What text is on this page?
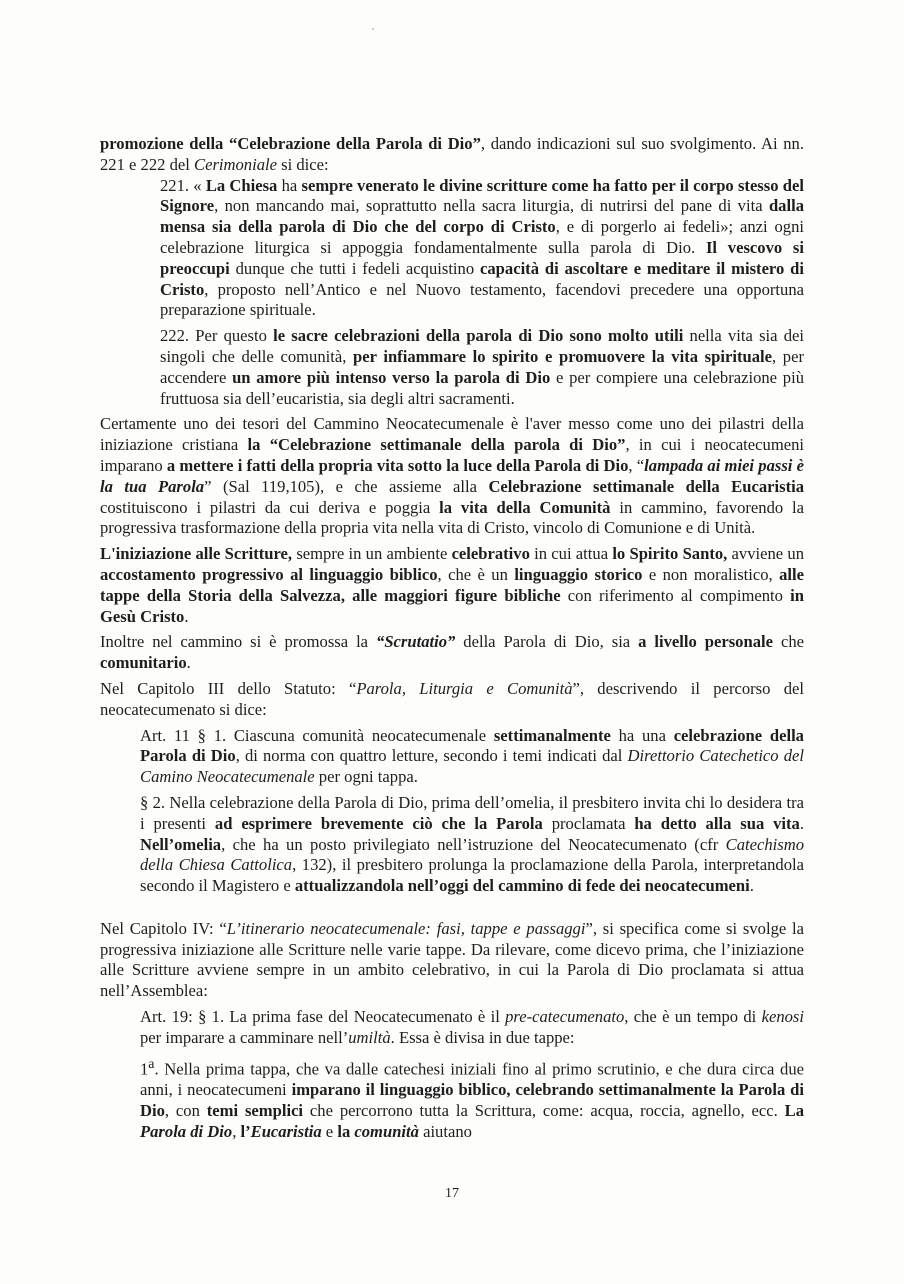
promozione della “Celebrazione della Parola di Dio”, dando indicazioni sul suo svolgimento. Ai nn. 221 e 222 del Cerimoniale si dice:

221. « La Chiesa ha sempre venerato le divine scritture come ha fatto per il corpo stesso del Signore, non mancando mai, soprattutto nella sacra liturgia, di nutrirsi del pane di vita dalla mensa sia della parola di Dio che del corpo di Cristo, e di porgerlo ai fedeli»; anzi ogni celebrazione liturgica si appoggia fondamentalmente sulla parola di Dio. Il vescovo si preoccupi dunque che tutti i fedeli acquistino capacità di ascoltare e meditare il mistero di Cristo, proposto nell’Antico e nel Nuovo testamento, facendovi precedere una opportuna preparazione spirituale.

222. Per questo le sacre celebrazioni della parola di Dio sono molto utili nella vita sia dei singoli che delle comunità, per infiammare lo spirito e promuovere la vita spirituale, per accendere un amore più intenso verso la parola di Dio e per compiere una celebrazione più fruttuosa sia dell’eucaristia, sia degli altri sacramenti.

Certamente uno dei tesori del Cammino Neocatecumenale è l'aver messo come uno dei pilastri della iniziazione cristiana la “Celebrazione settimanale della parola di Dio”, in cui i neocatecumeni imparano a mettere i fatti della propria vita sotto la luce della Parola di Dio, “lampada ai miei passi è la tua Parola” (Sal 119,105), e che assieme alla Celebrazione settimanale della Eucaristia costituiscono i pilastri da cui deriva e poggia la vita della Comunità in cammino, favorendo la progressiva trasformazione della propria vita nella vita di Cristo, vincolo di Comunione e di Unità.

L'iniziazione alle Scritture, sempre in un ambiente celebrativo in cui attua lo Spirito Santo, avviene un accostamento progressivo al linguaggio biblico, che è un linguaggio storico e non moralistico, alle tappe della Storia della Salvezza, alle maggiori figure bibliche con riferimento al compimento in Gesù Cristo.

Inoltre nel cammino si è promossa la “Scrutatio” della Parola di Dio, sia a livello personale che comunitario.

Nel Capitolo III dello Statuto: “Parola, Liturgia e Comunità”, descrivendo il percorso del neocatecumenato si dice:

Art. 11 § 1. Ciascuna comunità neocatecumenale settimanalmente ha una celebrazione della Parola di Dio, di norma con quattro letture, secondo i temi indicati dal Direttorio Catechetico del Camino Neocatecumenale per ogni tappa.

§ 2. Nella celebrazione della Parola di Dio, prima dell’omelia, il presbitero invita chi lo desidera tra i presenti ad esprimere brevemente ciò che la Parola proclamata ha detto alla sua vita. Nell’omelia, che ha un posto privilegiato nell’istruzione del Neocatecumenato (cfr Catechismo della Chiesa Cattolica, 132), il presbitero prolunga la proclamazione della Parola, interpretandola secondo il Magistero e attualizzandola nell’oggi del cammino di fede dei neocatecumeni.

Nel Capitolo IV: “L’itinerario neocatecumenale: fasi, tappe e passaggi”, si specifica come si svolge la progressiva iniziazione alle Scritture nelle varie tappe. Da rilevare, come dicevo prima, che l’iniziazione alle Scritture avviene sempre in un ambito celebrativo, in cui la Parola di Dio proclamata si attua nell’Assemblea:

Art. 19: § 1. La prima fase del Neocatecumenato è il pre-catecumenato, che è un tempo di kenosi per imparare a camminare nell’umiltà. Essa è divisa in due tappe:

1$^a$. Nella prima tappa, che va dalle catechesi iniziali fino al primo scrutinio, e che dura circa due anni, i neocatecumeni imparano il linguaggio biblico, celebrando settimanalmente la Parola di Dio, con temi semplici che percorrono tutta la Scrittura, come: acqua, roccia, agnello, ecc. La Parola di Dio, l’Eucaristia e la comunità aiutano

17
